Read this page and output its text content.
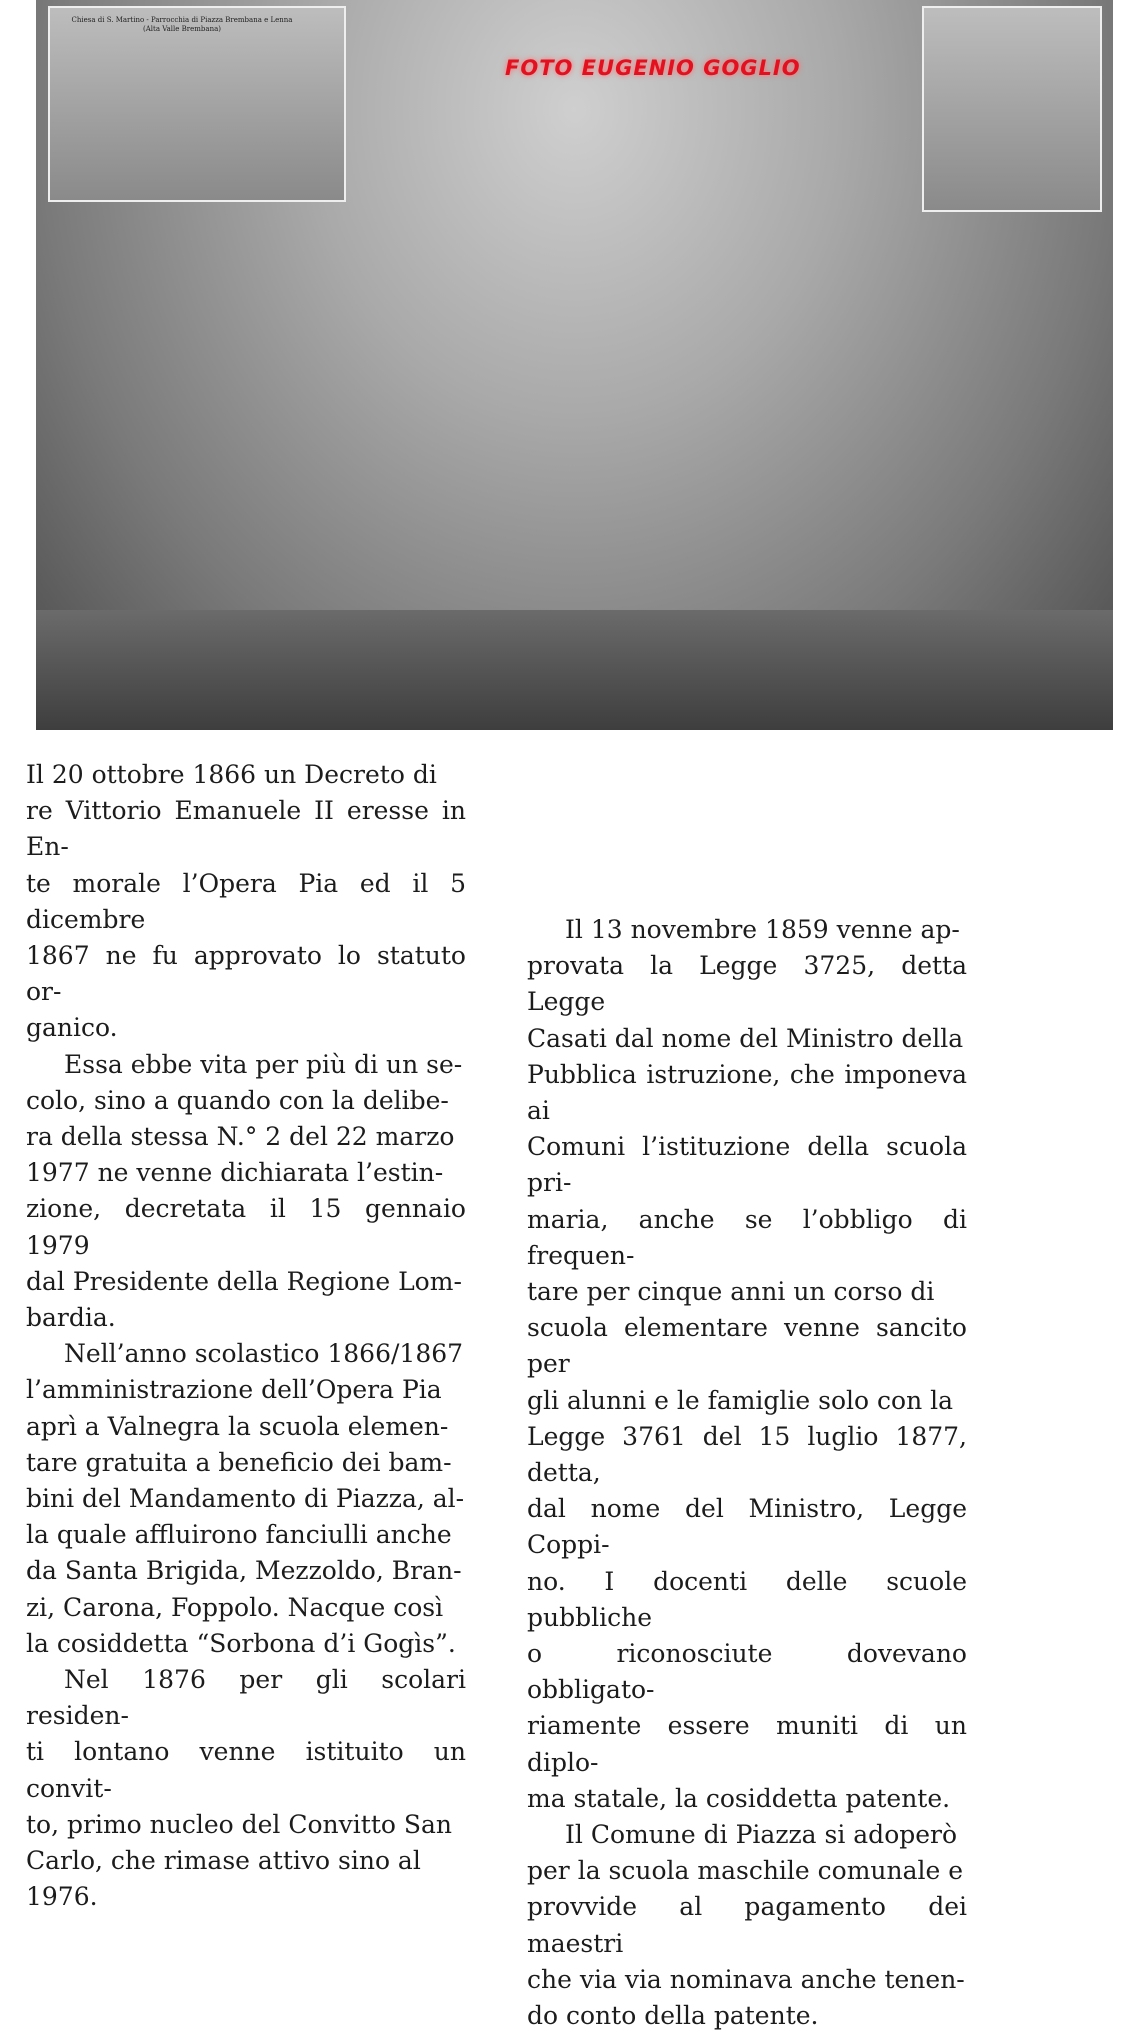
Chiesa di S. Martino - Parrocchia di Piazza Brembana e Lenna
(Alta Valle Brembana)
FOTO EUGENIO GOGLIO

Il 20 ottobre 1866 un Decreto di
re Vittorio Emanuele II eresse in En-
te morale l’Opera Pia ed il 5 dicembre
1867 ne fu approvato lo statuto or-
ganico.

Essa ebbe vita per più di un se-
colo, sino a quando con la delibe-
ra della stessa N.° 2 del 22 marzo
1977 ne venne dichiarata l’estin-
zione, decretata il 15 gennaio 1979
dal Presidente della Regione Lom-
bardia.

Nell’anno scolastico 1866/1867
l’amministrazione dell’Opera Pia
aprì a Valnegra la scuola elemen-
tare gratuita a beneficio dei bam-
bini del Mandamento di Piazza, al-
la quale affluirono fanciulli anche
da Santa Brigida, Mezzoldo, Bran-
zi, Carona, Foppolo. Nacque così
la cosiddetta “Sorbona d’i Gogìs”.

Nel 1876 per gli scolari residen-
ti lontano venne istituito un convit-
to, primo nucleo del Convitto San
Carlo, che rimase attivo sino al
1976.

Il 13 novembre 1859 venne ap-
provata la Legge 3725, detta Legge
Casati dal nome del Ministro della
Pubblica istruzione, che imponeva ai
Comuni l’istituzione della scuola pri-
maria, anche se l’obbligo di frequen-
tare per cinque anni un corso di
scuola elementare venne sancito per
gli alunni e le famiglie solo con la
Legge 3761 del 15 luglio 1877, detta,
dal nome del Ministro, Legge Coppi-
no. I docenti delle scuole pubbliche
o riconosciute dovevano obbligato-
riamente essere muniti di un diplo-
ma statale, la cosiddetta patente.

Il Comune di Piazza si adoperò
per la scuola maschile comunale e
provvide al pagamento dei maestri
che via via nominava anche tenen-
do conto della patente.
